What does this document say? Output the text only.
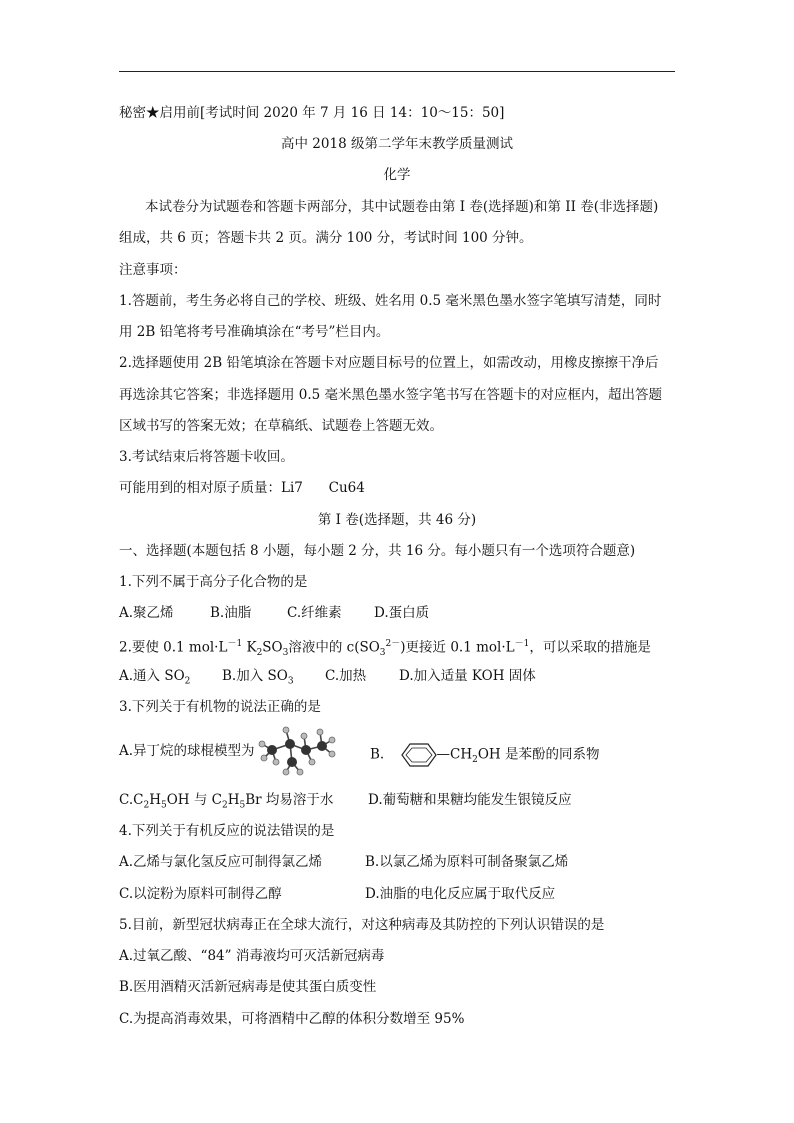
秘密★启用前[考试时间 2020 年 7 月 16 日 14：10～15：50]
高中 2018 级第二学年末教学质量测试
化学
本试卷分为试题卷和答题卡两部分，其中试题卷由第 I 卷(选择题)和第 II 卷(非选择题)
组成，共 6 页；答题卡共 2 页。满分 100 分，考试时间 100 分钟。
注意事项：
1.答题前，考生务必将自己的学校、班级、姓名用 0.5 毫米黑色墨水签字笔填写清楚，同时
用 2B 铅笔将考号准确填涂在“考号”栏目内。
2.选择题使用 2B 铅笔填涂在答题卡对应题目标号的位置上，如需改动，用橡皮擦擦干净后
再选涂其它答案；非选择题用 0.5 毫米黑色墨水签字笔书写在答题卡的对应框内，超出答题
区域书写的答案无效；在草稿纸、试题卷上答题无效。
3.考试结束后将答题卡收回。
可能用到的相对原子质量：Li7      Cu64
第 I 卷(选择题，共 46 分)
一、选择题(本题包括 8 小题，每小题 2 分，共 16 分。每小题只有一个选项符合题意)
1.下列不属于高分子化合物的是
A.聚乙烯	B.油脂	C.纤维素 D.蛋白质
2.要使 0.1 $mol\cdot L^{-1}$ $K_2SO_3$溶液中的 $c(SO_3^{2-})$更接近 0.1 $mol\cdot L^{-1}$，可以采取的措施是
A.通入 $SO_2$ B.加入 $SO_3$ C.加热 D.加入适量 KOH 固体
3.下列关于有机物的说法正确的是
A.异丁烷的球棍模型为	B.	$—CH_2OH$ 是苯酚的同系物
$C.C_2H_5OH$ 与 $C_2H_5Br$ 均易溶于水	D.葡萄糖和果糖均能发生银镜反应
4.下列关于有机反应的说法错误的是
A.乙烯与氯化氢反应可制得氯乙烯	B.以氯乙烯为原料可制备聚氯乙烯
C.以淀粉为原料可制得乙醇	D.油脂的电化反应属于取代反应
5.目前，新型冠状病毒正在全球大流行，对这种病毒及其防控的下列认识错误的是
A.过氧乙酸、“84” 消毒液均可灭活新冠病毒
B.医用酒精灭活新冠病毒是使其蛋白质变性
C.为提高消毒效果，可将酒精中乙醇的体积分数增至 95%
